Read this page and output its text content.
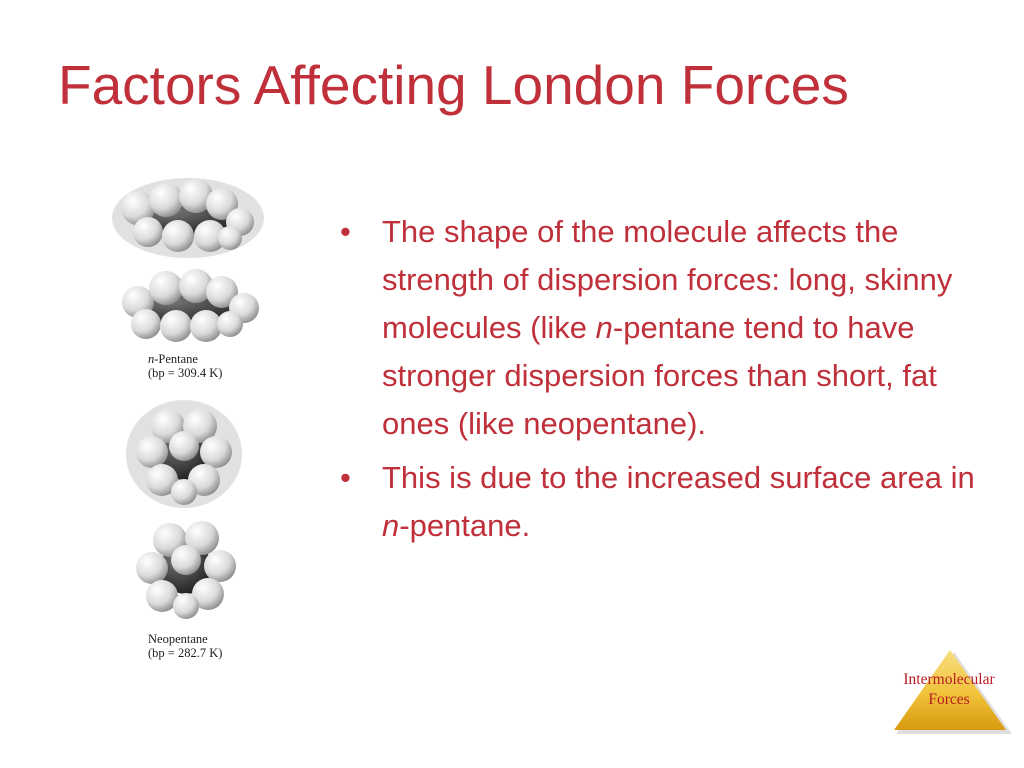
Factors Affecting London Forces
n-Pentane
(bp = 309.4 K)
Neopentane
(bp = 282.7 K)
• The shape of the molecule affects the strength of dispersion forces: long, skinny molecules (like n-pentane tend to have stronger dispersion forces than short, fat ones (like neopentane).
• This is due to the increased surface area in n-pentane.
Intermolecular
Forces
